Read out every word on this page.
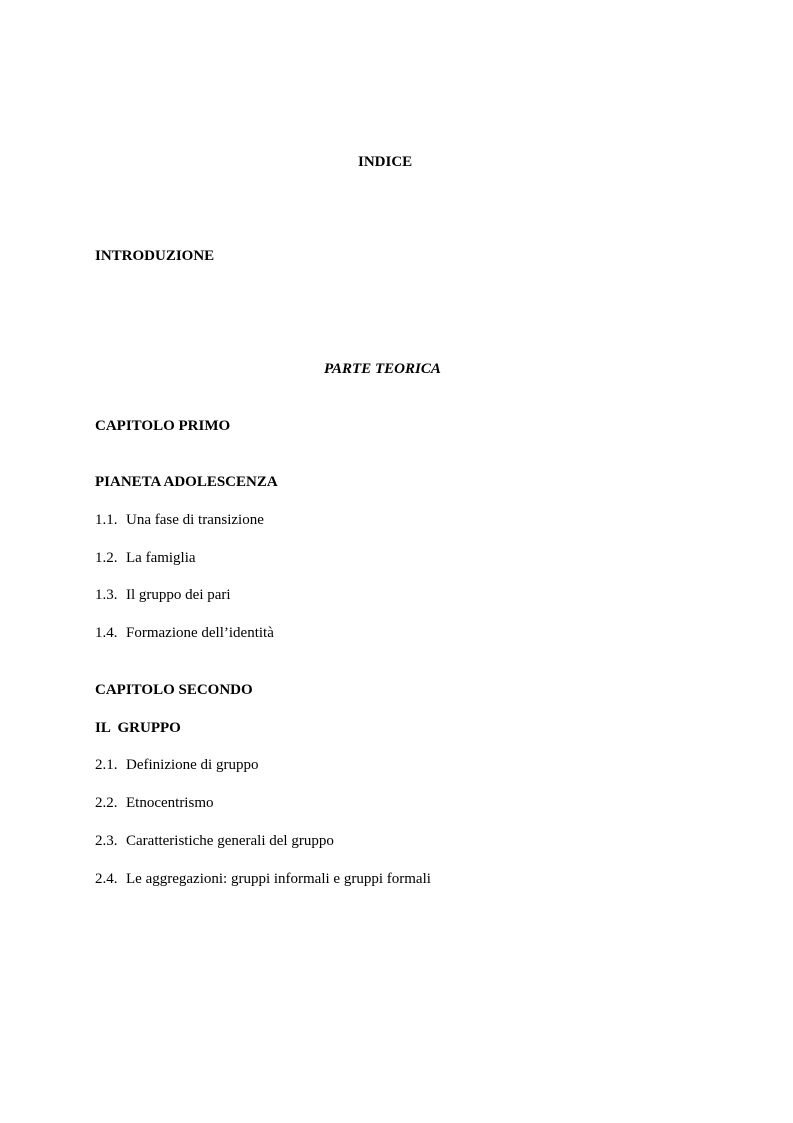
INDICE
INTRODUZIONE
PARTE TEORICA
CAPITOLO PRIMO
PIANETA ADOLESCENZA
1.1. Una fase di transizione
1.2. La famiglia
1.3. Il gruppo dei pari
1.4. Formazione dell’identità
CAPITOLO SECONDO
IL  GRUPPO
2.1. Definizione di gruppo
2.2. Etnocentrismo
2.3. Caratteristiche generali del gruppo
2.4. Le aggregazioni: gruppi informali e gruppi formali
